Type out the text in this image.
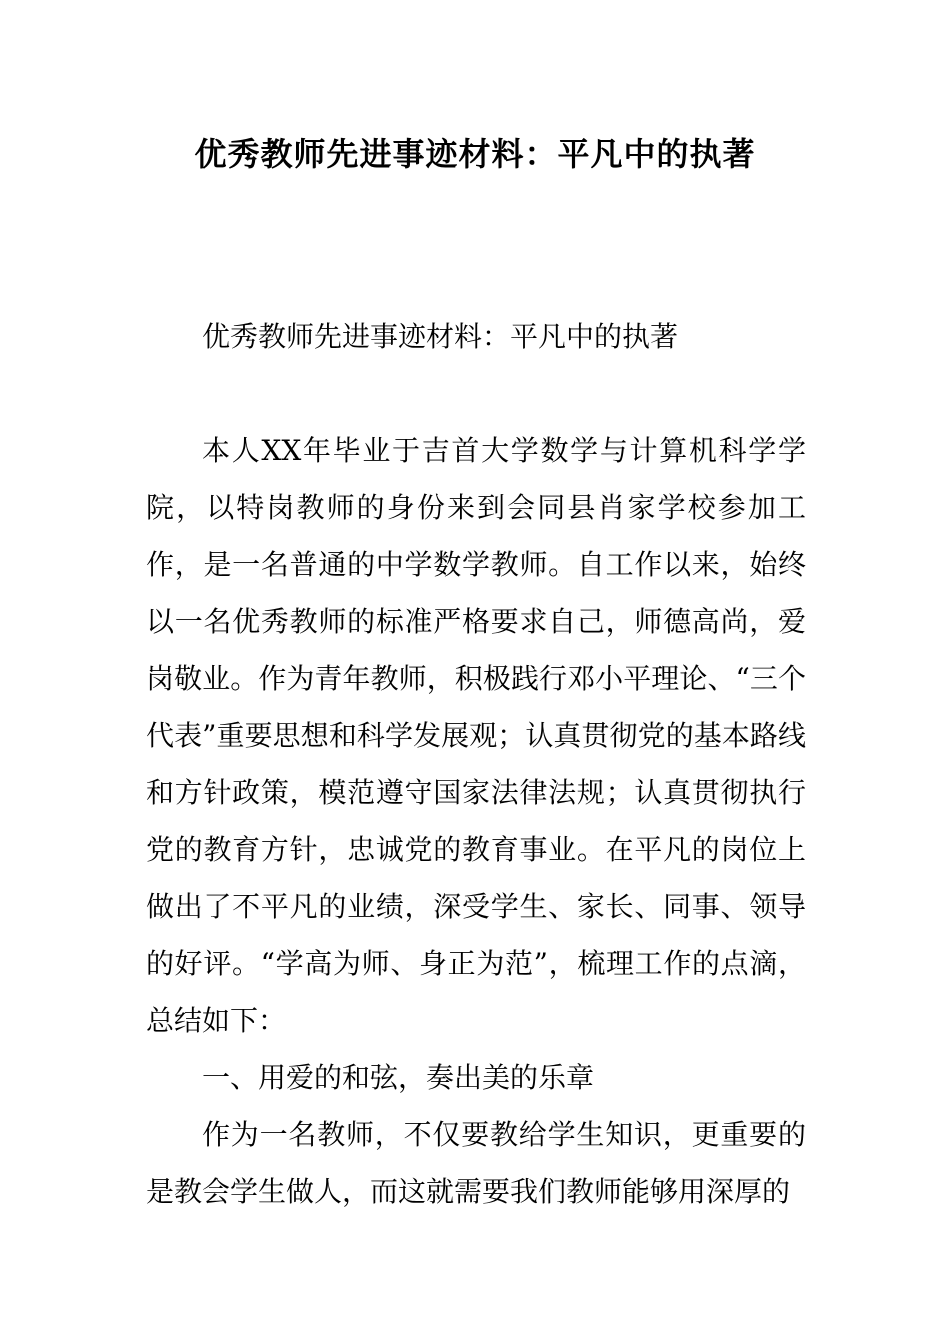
优秀教师先进事迹材料：平凡中的执著

优秀教师先进事迹材料：平凡中的执著

本人XX年毕业于吉首大学数学与计算机科学学院，以特岗教师的身份来到会同县肖家学校参加工作，是一名普通的中学数学教师。自工作以来，始终以一名优秀教师的标准严格要求自己，师德高尚，爱岗敬业。作为青年教师，积极践行邓小平理论、“三个代表”重要思想和科学发展观；认真贯彻党的基本路线和方针政策，模范遵守国家法律法规；认真贯彻执行党的教育方针，忠诚党的教育事业。在平凡的岗位上做出了不平凡的业绩，深受学生、家长、同事、领导的好评。“学高为师、身正为范”，梳理工作的点滴，总结如下：

一、用爱的和弦，奏出美的乐章

作为一名教师，不仅要教给学生知识，更重要的是教会学生做人，而这就需要我们教师能够用深厚的
